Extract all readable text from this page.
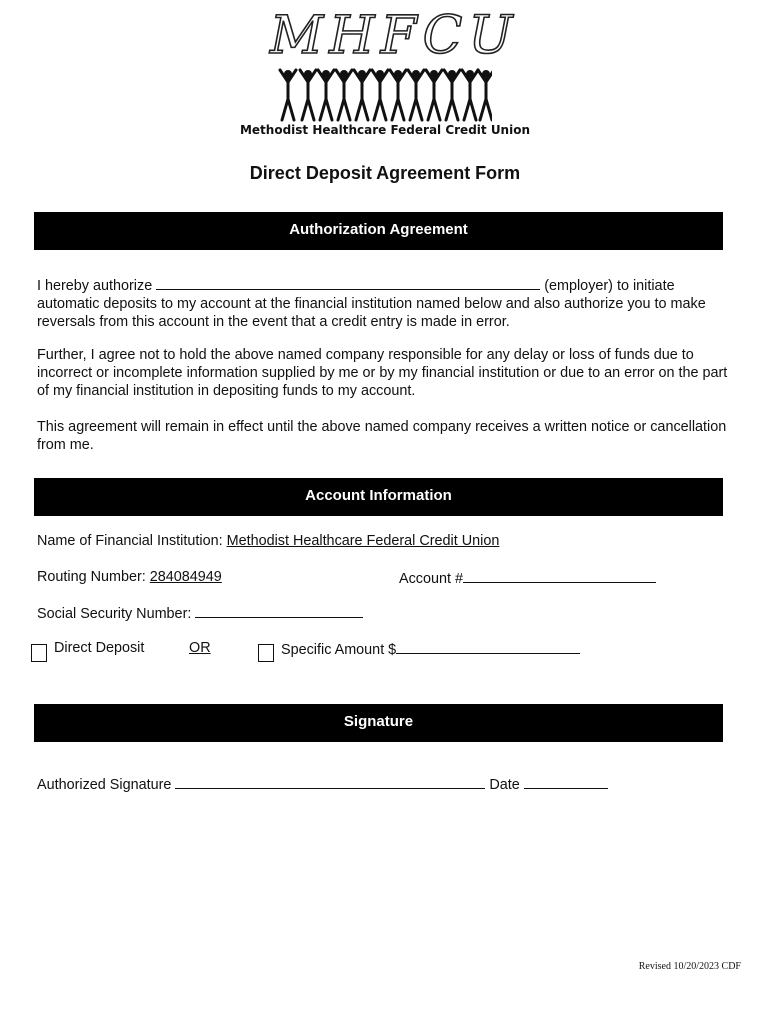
MHFCU
Methodist Healthcare Federal Credit Union
Direct Deposit Agreement Form
Authorization Agreement
I hereby authorize	(employer) to initiate automatic deposits to my account at the financial institution named below and also authorize you to make reversals from this account in the event that a credit entry is made in error.
Further, I agree not to hold the above named company responsible for any delay or loss of funds due to incorrect or incomplete information supplied by me or by my financial institution or due to an error on the part of my financial institution in depositing funds to my account.
This agreement will remain in effect until the above named company receives a written notice or cancellation from me.
Account Information
Name of Financial Institution: Methodist Healthcare Federal Credit Union
Routing Number: 284084949	Account #
Social Security Number:
Direct Deposit	OR	Specific Amount $
Signature
Authorized Signature	Date
Revised 10/20/2023 CDF
